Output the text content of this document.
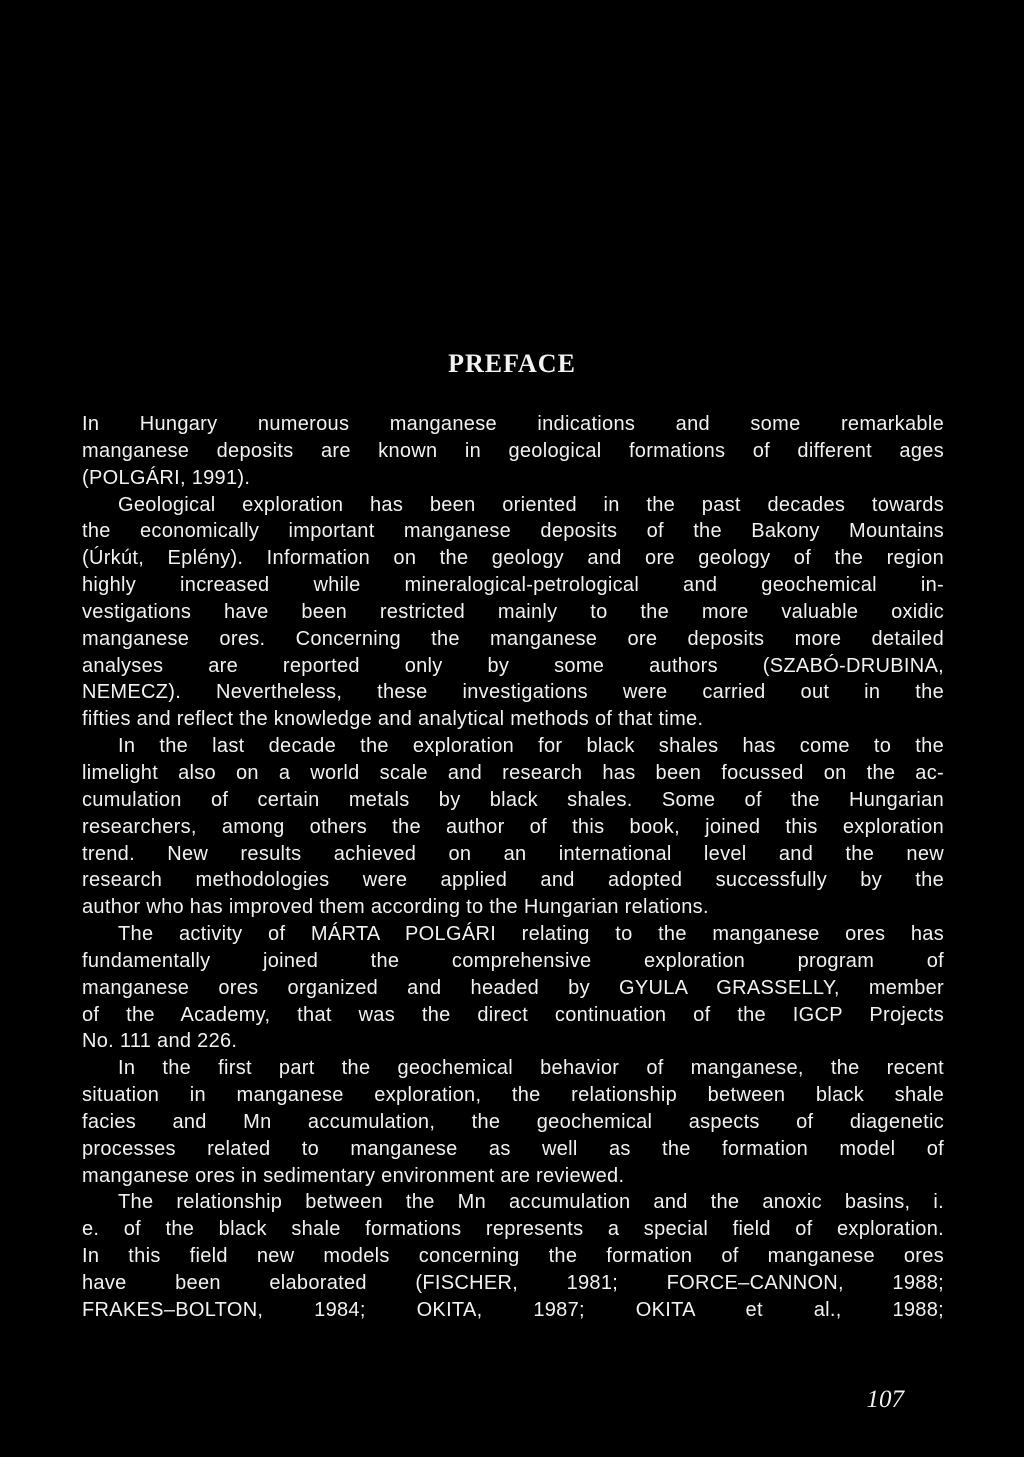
PREFACE
In Hungary numerous manganese indications and some remarkable
manganese deposits are known in geological formations of different ages
(POLGÁRI, 1991).
Geological exploration has been oriented in the past decades towards
the economically important manganese deposits of the Bakony Mountains
(Úrkút, Eplény). Information on the geology and ore geology of the region
highly increased while mineralogical-petrological and geochemical in-
vestigations have been restricted mainly to the more valuable oxidic
manganese ores. Concerning the manganese ore deposits more detailed
analyses are reported only by some authors (SZABÓ-DRUBINA,
NEMECZ). Nevertheless, these investigations were carried out in the
fifties and reflect the knowledge and analytical methods of that time.
In the last decade the exploration for black shales has come to the
limelight also on a world scale and research has been focussed on the ac-
cumulation of certain metals by black shales. Some of the Hungarian
researchers, among others the author of this book, joined this exploration
trend. New results achieved on an international level and the new
research methodologies were applied and adopted successfully by the
author who has improved them according to the Hungarian relations.
The activity of MÁRTA POLGÁRI relating to the manganese ores has
fundamentally joined the comprehensive exploration program of
manganese ores organized and headed by GYULA GRASSELLY, member
of the Academy, that was the direct continuation of the IGCP Projects
No. 111 and 226.
In the first part the geochemical behavior of manganese, the recent
situation in manganese exploration, the relationship between black shale
facies and Mn accumulation, the geochemical aspects of diagenetic
processes related to manganese as well as the formation model of
manganese ores in sedimentary environment are reviewed.
The relationship between the Mn accumulation and the anoxic basins, i.
e. of the black shale formations represents a special field of exploration.
In this field new models concerning the formation of manganese ores
have been elaborated (FISCHER, 1981; FORCE–CANNON, 1988;
FRAKES–BOLTON, 1984; OKITA, 1987; OKITA et al., 1988;
107
